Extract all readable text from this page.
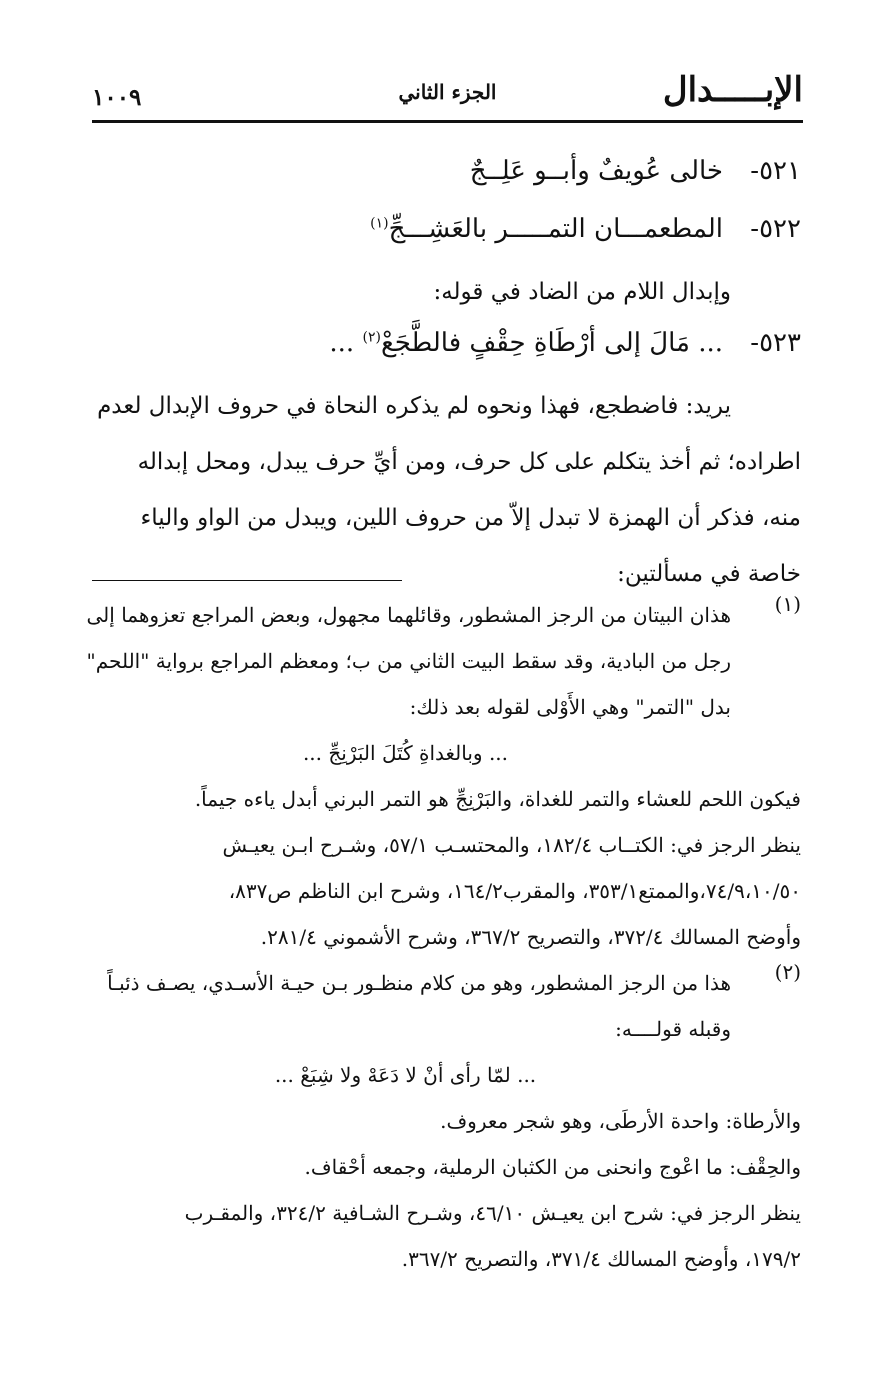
الإبـــــدال
الجزء الثاني
١٠٠٩
٥٢١-
خالى عُويفٌ وأبــو عَلِــجٌ
٥٢٢-
المطعمـــان التمـــــر بالعَشِـــجِّ$^{(١)}$
وإبدال اللام من الضاد في قوله:
٥٢٣-
... مَالَ إلى أرْطَاةِ حِقْفٍ فالطَّجَعْ$^{(٢)}$ ...
يريد: فاضطجع، فهذا ونحوه لم يذكره النحاة في حروف الإبدال لعدم
اطراده؛ ثم أخذ يتكلم على كل حرف، ومن أيِّ حرف يبدل، ومحل إبداله
منه، فذكر أن الهمزة لا تبدل إلاّ من حروف اللين، ويبدل من الواو والياء
خاصة في مسألتين:
(١)
هذان البيتان من الرجز المشطور، وقائلهما مجهول، وبعض المراجع تعزوهما إلى
رجل من البادية، وقد سقط البيت الثاني من ب؛ ومعظم المراجع برواية "اللحم"
بدل "التمر" وهي الأَوْلى لقوله بعد ذلك:
... وبالغداةِ كُتَلَ البَرْنِجِّ ...
فيكون اللحم للعشاء والتمر للغداة، والبَرْنِجِّ هو التمر البرني أبدل ياءه جيماً.
ينظر الرجز في: الكتــاب ١٨٢/٤، والمحتسـب ٥٧/١، وشـرح ابـن يعيـش
٧٤/٩،١٠/٥٠،والممتع٣٥٣/١، والمقرب١٦٤/٢، وشرح ابن الناظم ص٨٣٧،
وأوضح المسالك ٣٧٢/٤، والتصريح ٣٦٧/٢، وشرح الأشموني ٢٨١/٤.
(٢)
هذا من الرجز المشطور، وهو من كلام منظـور بـن حيـة الأسـدي، يصـف ذئبـاً
وقبله قولــــه:
... لمّا رأى أنْ لا دَعَهْ ولا شِبَعْ ...
والأرطاة: واحدة الأرطَى، وهو شجر معروف.
والحِقْف: ما اعْوج وانحنى من الكثبان الرملية، وجمعه أحْقاف.
ينظر الرجز في: شرح ابن يعيـش ٤٦/١٠، وشـرح الشـافية ٣٢٤/٢، والمقـرب
١٧٩/٢، وأوضح المسالك ٣٧١/٤، والتصريح ٣٦٧/٢.
